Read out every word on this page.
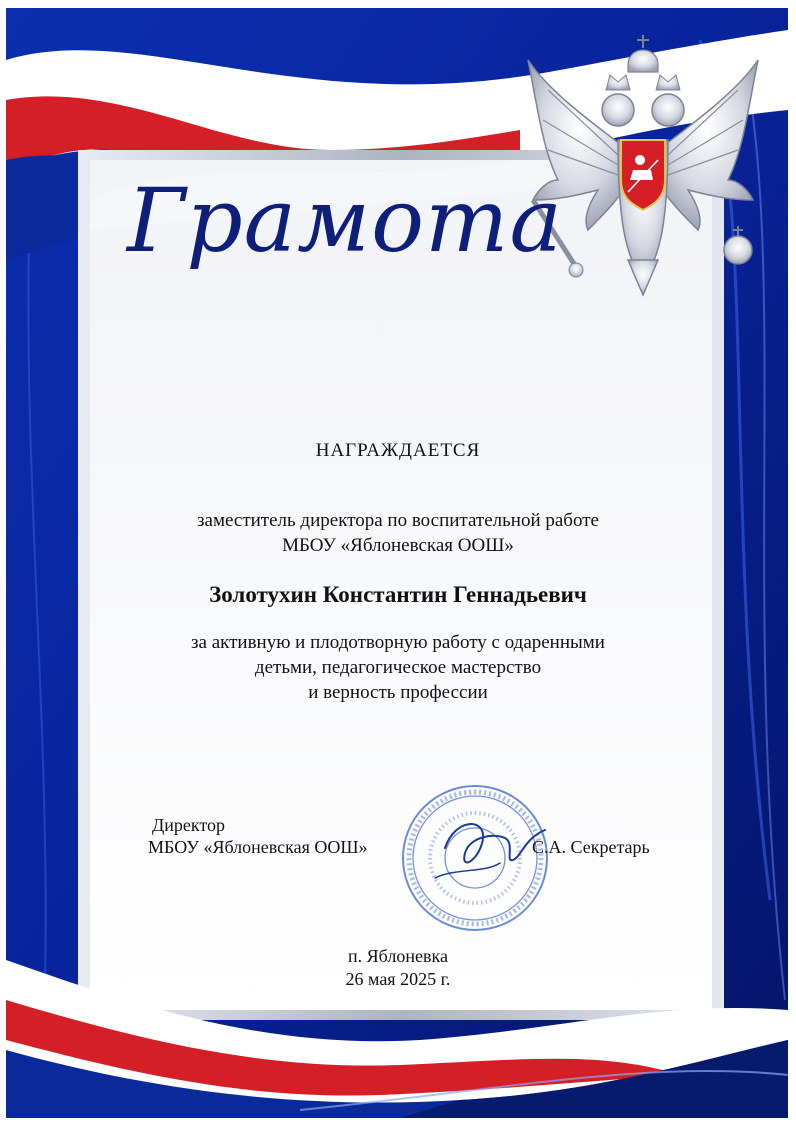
Грамота
НАГРАЖДАЕТСЯ
заместитель директора по воспитательной работе
МБОУ «Яблоневская ООШ»
Золотухин Константин Геннадьевич
за активную и плодотворную работу с одаренными
детьми, педагогическое мастерство
и верность профессии
Директор
МБОУ «Яблоневская ООШ»	С.А. Секретарь
п. Яблоневка
26 мая 2025 г.
